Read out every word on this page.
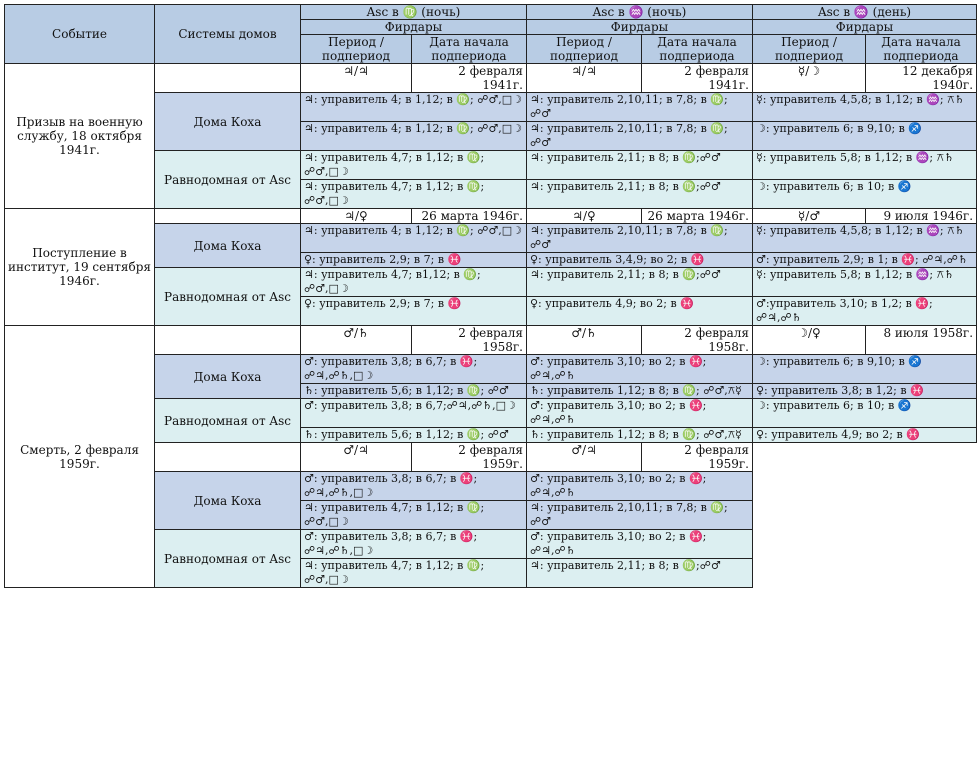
Событие	Системы домов	Asc в ♍ (ночь)		Asc в ♒ (ночь)		Asc в ♒ (день)	
		Фирдары		Фирдары		Фирдары	
		Период / подпериод	Дата начала подпериода	Период / подпериод	Дата начала подпериода	Период / подпериод	Дата начала подпериода
Призыв на военную службу, 18 октября 1941г.		♃/♃	2 февраля 1941г.	♃/♃	2 февраля 1941г.	☿/☽	12 декабря 1940г.
	Дома Коха	♃: управитель 4; в 1,12; в ♍; ☍♂,□☽		♃: управитель 2,10,11; в 7,8; в ♍; ☍♂		☿: управитель 4,5,8; в 1,12; в ♒; ⚻♄	
		♃: управитель 4; в 1,12; в ♍; ☍♂,□☽		♃: управитель 2,10,11; в 7,8; в ♍; ☍♂		☽: управитель 6; в 9,10; в ♐	
	Равнодомная от Asc	♃: управитель 4,7; в 1,12; в ♍; ☍♂,□☽		♃: управитель 2,11; в 8; в ♍;☍♂		☿: управитель 5,8; в 1,12; в ♒; ⚻♄	
		♃: управитель 4,7; в 1,12; в ♍; ☍♂,□☽		♃: управитель 2,11; в 8; в ♍;☍♂		☽: управитель 6; в 10; в ♐	
Поступление в институт, 19 сентября 1946г.		♃/♀	26 марта 1946г.	♃/♀	26 марта 1946г.	☿/♂	9 июля 1946г.
	Дома Коха	♃: управитель 4; в 1,12; в ♍; ☍♂,□☽		♃: управитель 2,10,11; в 7,8; в ♍; ☍♂		☿: управитель 4,5,8; в 1,12; в ♒; ⚻♄	
		♀: управитель 2,9; в 7; в ♓		♀: управитель 3,4,9; во 2; в ♓		♂: управитель 2,9; в 1; в ♓; ☍♃,☍♄	
	Равнодомная от Asc	♃: управитель 4,7; в1,12; в ♍; ☍♂,□☽		♃: управитель 2,11; в 8; в ♍;☍♂		☿: управитель 5,8; в 1,12; в ♒; ⚻♄	
		♀: управитель 2,9; в 7; в ♓		♀: управитель 4,9; во 2; в ♓		♂:управитель 3,10; в 1,2; в ♓; ☍♃,☍♄	
Смерть, 2 февраля 1959г.		♂/♄	2 февраля 1958г.	♂/♄	2 февраля 1958г.	☽/♀	8 июля 1958г.
	Дома Коха	♂: управитель 3,8; в 6,7; в ♓; ☍♃,☍♄,□☽		♂: управитель 3,10; во 2; в ♓; ☍♃,☍♄		☽: управитель 6; в 9,10; в ♐	
		♄: управитель 5,6; в 1,12; в ♍; ☍♂		♄: управитель 1,12; в 8; в ♍; ☍♂,⚻☿		♀: управитель 3,8; в 1,2; в ♓	
	Равнодомная от Asc	♂: управитель 3,8; в 6,7;☍♃,☍♄,□☽		♂: управитель 3,10; во 2; в ♓; ☍♃,☍♄		☽: управитель 6; в 10; в ♐	
		♄: управитель 5,6; в 1,12; в ♍; ☍♂		♄: управитель 1,12; в 8; в ♍; ☍♂,⚻☿		♀: управитель 4,9; во 2; в ♓	
		♂/♃	2 февраля 1959г.	♂/♃	2 февраля 1959г.		
	Дома Коха	♂: управитель 3,8; в 6,7; в ♓; ☍♃,☍♄,□☽		♂: управитель 3,10; во 2; в ♓; ☍♃,☍♄			
		♃: управитель 4,7; в 1,12; в ♍; ☍♂,□☽		♃: управитель 2,10,11; в 7,8; в ♍; ☍♂			
	Равнодомная от Asc	♂: управитель 3,8; в 6,7; в ♓; ☍♃,☍♄,□☽		♂: управитель 3,10; во 2; в ♓; ☍♃,☍♄			
		♃: управитель 4,7; в 1,12; в ♍; ☍♂,□☽		♃: управитель 2,11; в 8; в ♍;☍♂			
